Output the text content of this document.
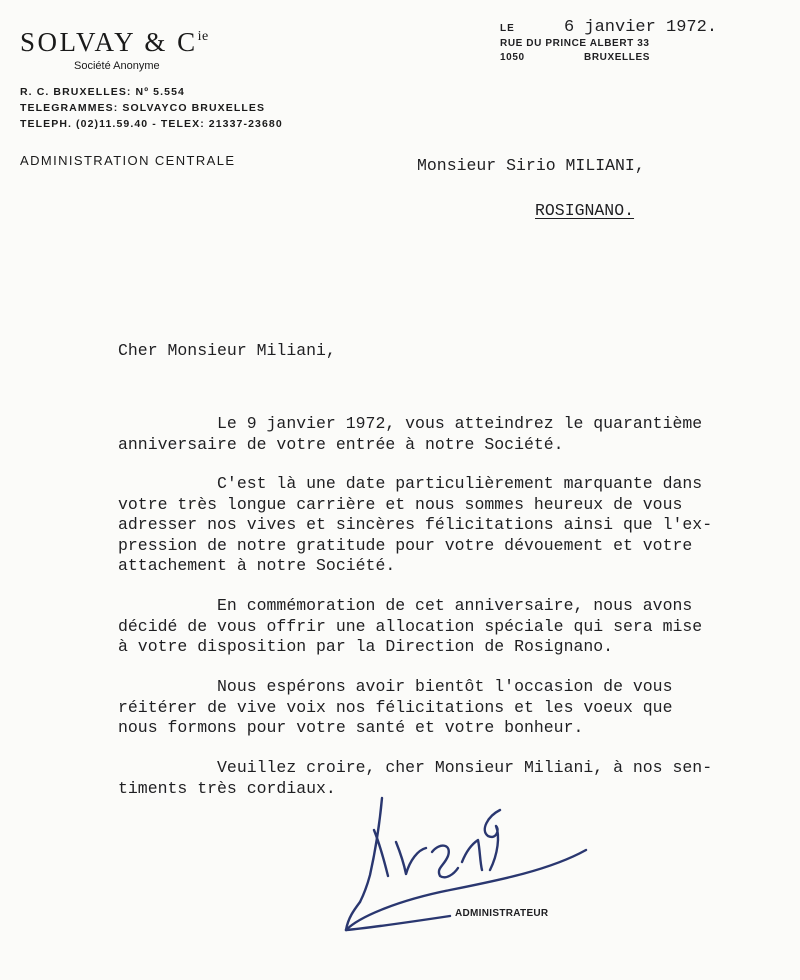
SOLVAY & $C^{ie}$
Société Anonyme
R. C. BRUXELLES: Nº 5.554
TELEGRAMMES: SOLVAYCO BRUXELLES
TELEPH. (02)11.59.40 - TELEX: 21337-23680
ADMINISTRATION CENTRALE
LE	6 janvier 1972.
RUE DU PRINCE ALBERT 33
1050	BRUXELLES
Monsieur Sirio MILIANI,
ROSIGNANO.
Cher Monsieur Miliani,
Le 9 janvier 1972, vous atteindrez le quarantième
anniversaire de votre entrée à notre Société.
C'est là une date particulièrement marquante dans
votre très longue carrière et nous sommes heureux de vous
adresser nos vives et sincères félicitations ainsi que l'ex-
pression de notre gratitude pour votre dévouement et votre
attachement à notre Société.
En commémoration de cet anniversaire, nous avons
décidé de vous offrir une allocation spéciale qui sera mise
à votre disposition par la Direction de Rosignano.
Nous espérons avoir bientôt l'occasion de vous
réitérer de vive voix nos félicitations et les voeux que
nous formons pour votre santé et votre bonheur.
Veuillez croire, cher Monsieur Miliani, à nos sen-
timents très cordiaux.
ADMINISTRATEUR
